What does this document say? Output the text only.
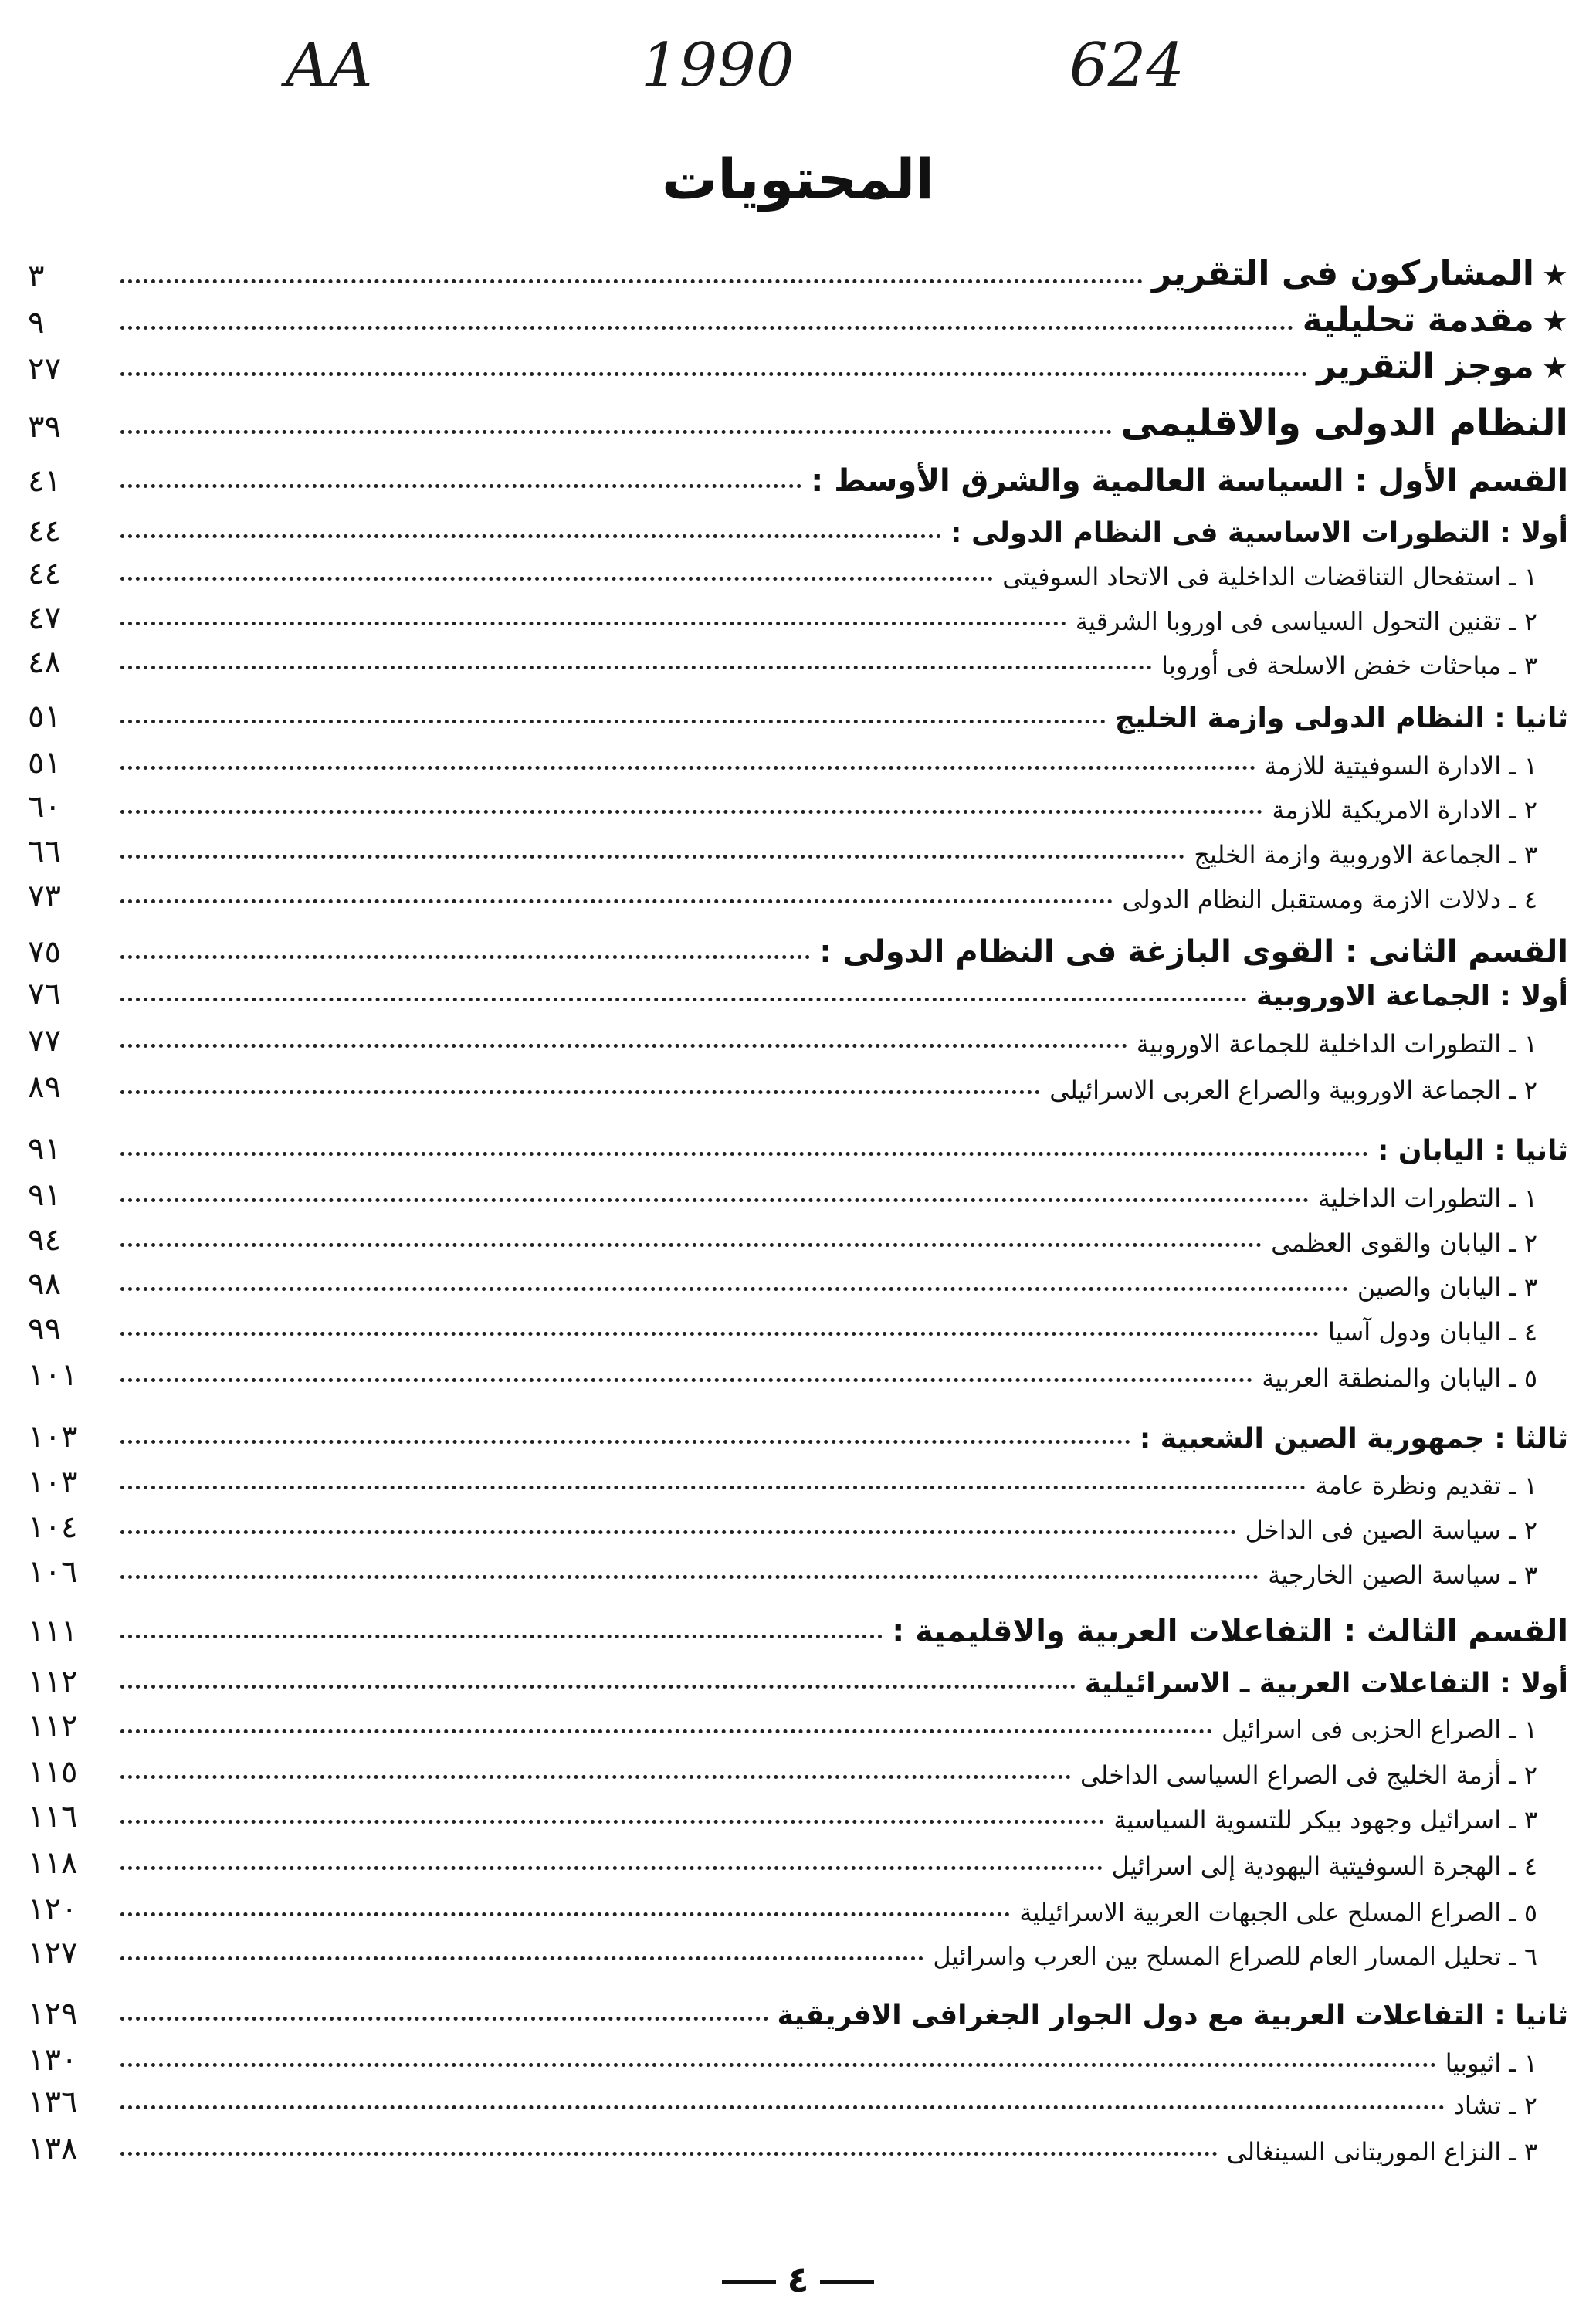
AA	1990	624
المحتويات
★المشاركون فى التقرير
٣
★مقدمة تحليلية
٩
★موجز التقرير
٢٧
النظام الدولى والاقليمى
٣٩
القسم الأول : السياسة العالمية والشرق الأوسط :
٤١
أولا : التطورات الاساسية فى النظام الدولى :
٤٤
١ ـ استفحال التناقضات الداخلية فى الاتحاد السوفيتى
٤٤
٢ ـ تقنين التحول السياسى فى اوروبا الشرقية
٤٧
٣ ـ مباحثات خفض الاسلحة فى أوروبا
٤٨
ثانيا : النظام الدولى وازمة الخليج
٥١
١ ـ الادارة السوفيتية للازمة
٥١
٢ ـ الادارة الامريكية للازمة
٦٠
٣ ـ الجماعة الاوروبية وازمة الخليج
٦٦
٤ ـ دلالات الازمة ومستقبل النظام الدولى
٧٣
القسم الثانى : القوى البازغة فى النظام الدولى :
٧٥
أولا : الجماعة الاوروبية
٧٦
١ ـ التطورات الداخلية للجماعة الاوروبية
٧٧
٢ ـ الجماعة الاوروبية والصراع العربى الاسرائيلى
٨٩
ثانيا : اليابان :
٩١
١ ـ التطورات الداخلية
٩١
٢ ـ اليابان والقوى العظمى
٩٤
٣ ـ اليابان والصين
٩٨
٤ ـ اليابان ودول آسيا
٩٩
٥ ـ اليابان والمنطقة العربية
١٠١
ثالثا : جمهورية الصين الشعبية :
١٠٣
١ ـ تقديم ونظرة عامة
١٠٣
٢ ـ سياسة الصين فى الداخل
١٠٤
٣ ـ سياسة الصين الخارجية
١٠٦
القسم الثالث : التفاعلات العربية والاقليمية :
١١١
أولا : التفاعلات العربية ـ الاسرائيلية
١١٢
١ ـ الصراع الحزبى فى اسرائيل
١١٢
٢ ـ أزمة الخليج فى الصراع السياسى الداخلى
١١٥
٣ ـ اسرائيل وجهود بيكر للتسوية السياسية
١١٦
٤ ـ الهجرة السوفيتية اليهودية إلى اسرائيل
١١٨
٥ ـ الصراع المسلح على الجبهات العربية الاسرائيلية
١٢٠
٦ ـ تحليل المسار العام للصراع المسلح بين العرب واسرائيل
١٢٧
ثانيا : التفاعلات العربية مع دول الجوار الجغرافى الافريقية
١٢٩
١ ـ اثيوبيا
١٣٠
٢ ـ تشاد
١٣٦
٣ ـ النزاع الموريتانى السينغالى
١٣٨
٤
